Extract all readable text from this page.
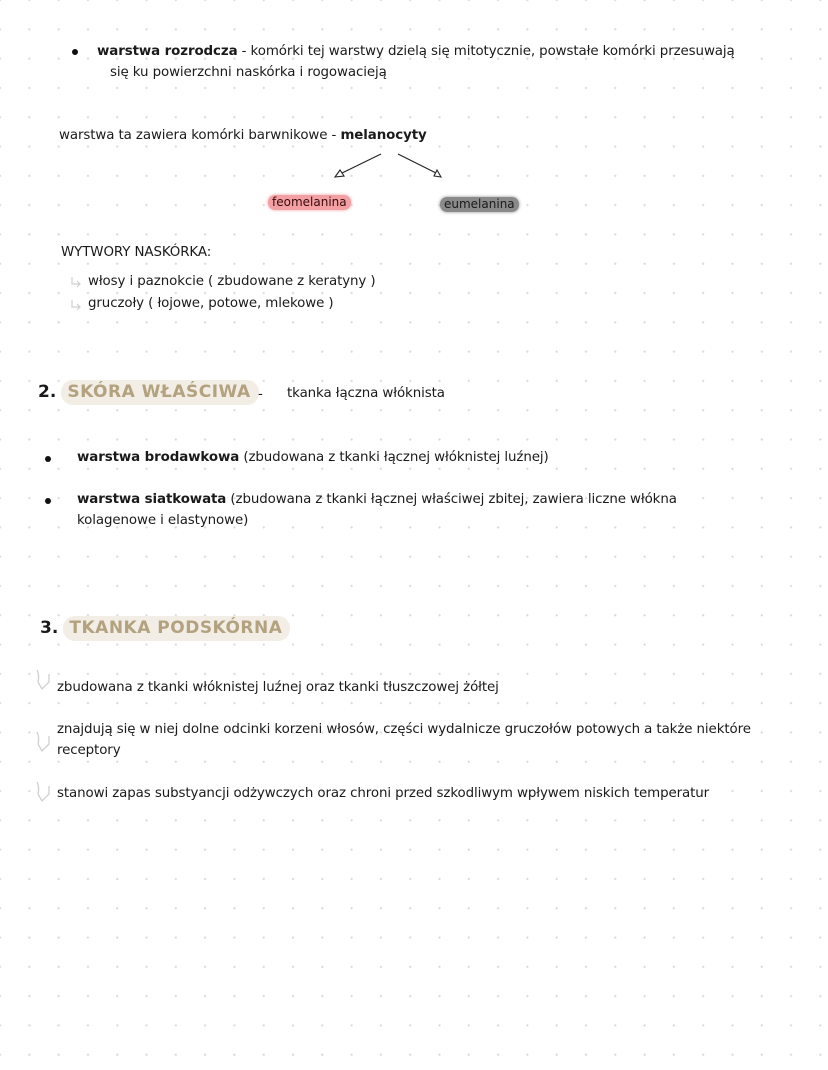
warstwa rozrodcza - komórki tej warstwy dzielą się mitotycznie, powstałe komórki przesuwają
się ku powierzchni naskórka i rogowacieją
warstwa ta zawiera komórki barwnikowe - melanocyty
feomelanina	eumelanina
WYTWORY NASKÓRKA:
włosy i paznokcie ( zbudowane z keratyny )
gruczoły ( łojowe, potowe, mlekowe )
2. SKÓRA WŁAŚCIWA - tkanka łączna włóknista
warstwa brodawkowa (zbudowana z tkanki łącznej włóknistej luźnej)
warstwa siatkowata (zbudowana z tkanki łącznej właściwej zbitej, zawiera liczne włókna
kolagenowe i elastynowe)
3. TKANKA PODSKÓRNA
zbudowana z tkanki włóknistej luźnej oraz tkanki tłuszczowej żółtej
znajdują się w niej dolne odcinki korzeni włosów, części wydalnicze gruczołów potowych a także niektóre
receptory
stanowi zapas substyancji odżywczych oraz chroni przed szkodliwym wpływem niskich temperatur
